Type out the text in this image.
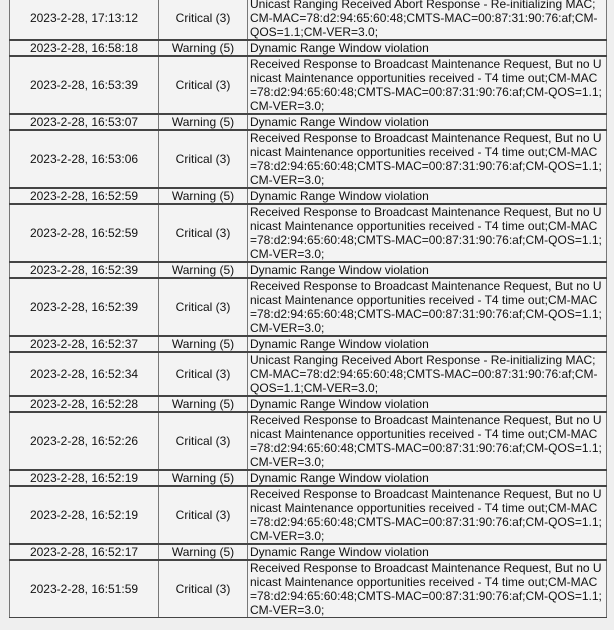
2023-2-28, 17:13:12	Critical (3)	Unicast Ranging Received Abort Response - Re-initializing MAC;CM-MAC=78:d2:94:65:60:48;CMTS-MAC=00:87:31:90:76:af;CM-QOS=1.1;CM-VER=3.0;
2023-2-28, 16:58:18	Warning (5)	Dynamic Range Window violation
2023-2-28, 16:53:39	Critical (3)	Received Response to Broadcast Maintenance Request, But no Unicast Maintenance opportunities received - T4 time out;CM-MAC=78:d2:94:65:60:48;CMTS-MAC=00:87:31:90:76:af;CM-QOS=1.1;CM-VER=3.0;
2023-2-28, 16:53:07	Warning (5)	Dynamic Range Window violation
2023-2-28, 16:53:06	Critical (3)	Received Response to Broadcast Maintenance Request, But no Unicast Maintenance opportunities received - T4 time out;CM-MAC=78:d2:94:65:60:48;CMTS-MAC=00:87:31:90:76:af;CM-QOS=1.1;CM-VER=3.0;
2023-2-28, 16:52:59	Warning (5)	Dynamic Range Window violation
2023-2-28, 16:52:59	Critical (3)	Received Response to Broadcast Maintenance Request, But no Unicast Maintenance opportunities received - T4 time out;CM-MAC=78:d2:94:65:60:48;CMTS-MAC=00:87:31:90:76:af;CM-QOS=1.1;CM-VER=3.0;
2023-2-28, 16:52:39	Warning (5)	Dynamic Range Window violation
2023-2-28, 16:52:39	Critical (3)	Received Response to Broadcast Maintenance Request, But no Unicast Maintenance opportunities received - T4 time out;CM-MAC=78:d2:94:65:60:48;CMTS-MAC=00:87:31:90:76:af;CM-QOS=1.1;CM-VER=3.0;
2023-2-28, 16:52:37	Warning (5)	Dynamic Range Window violation
2023-2-28, 16:52:34	Critical (3)	Unicast Ranging Received Abort Response - Re-initializing MAC;CM-MAC=78:d2:94:65:60:48;CMTS-MAC=00:87:31:90:76:af;CM-QOS=1.1;CM-VER=3.0;
2023-2-28, 16:52:28	Warning (5)	Dynamic Range Window violation
2023-2-28, 16:52:26	Critical (3)	Received Response to Broadcast Maintenance Request, But no Unicast Maintenance opportunities received - T4 time out;CM-MAC=78:d2:94:65:60:48;CMTS-MAC=00:87:31:90:76:af;CM-QOS=1.1;CM-VER=3.0;
2023-2-28, 16:52:19	Warning (5)	Dynamic Range Window violation
2023-2-28, 16:52:19	Critical (3)	Received Response to Broadcast Maintenance Request, But no Unicast Maintenance opportunities received - T4 time out;CM-MAC=78:d2:94:65:60:48;CMTS-MAC=00:87:31:90:76:af;CM-QOS=1.1;CM-VER=3.0;
2023-2-28, 16:52:17	Warning (5)	Dynamic Range Window violation
2023-2-28, 16:51:59	Critical (3)	Received Response to Broadcast Maintenance Request, But no Unicast Maintenance opportunities received - T4 time out;CM-MAC=78:d2:94:65:60:48;CMTS-MAC=00:87:31:90:76:af;CM-QOS=1.1;CM-VER=3.0;
